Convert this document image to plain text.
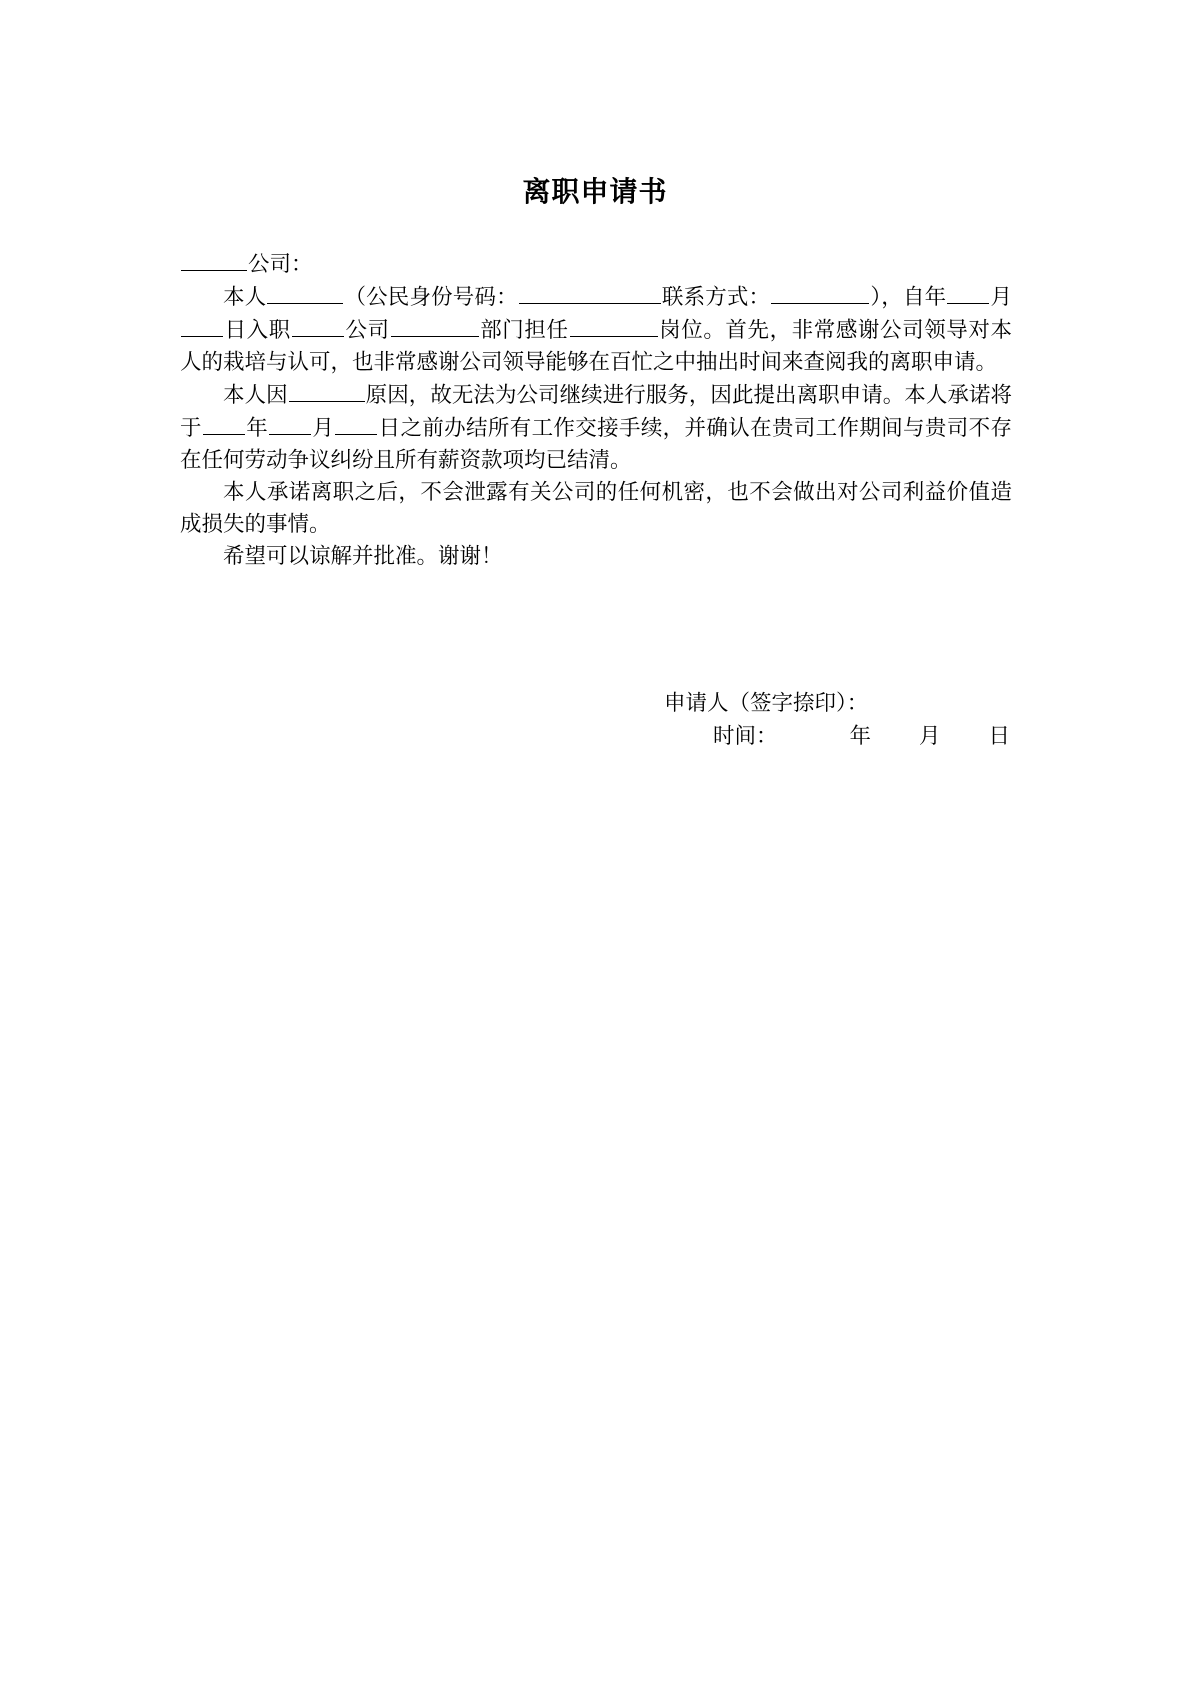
离职申请书

公司：

本人	（公民身份号码：	联系方式：	），自年 月日入职	公司	部门担任	岗位。首先，非常感谢公司领导对本人的栽培与认可，也非常感谢公司领导能够在百忙之中抽出时间来查阅我的离职申请。

本人因	原因，故无法为公司继续进行服务，因此提出离职申请。本人承诺将于 年 月 日之前办结所有工作交接手续，并确认在贵司工作期间与贵司不存在任何劳动争议纠纷且所有薪资款项均已结清。

本人承诺离职之后，不会泄露有关公司的任何机密，也不会做出对公司利益价值造成损失的事情。

希望可以谅解并批准。谢谢！

申请人（签字捺印）：
时间：	年 月 日
